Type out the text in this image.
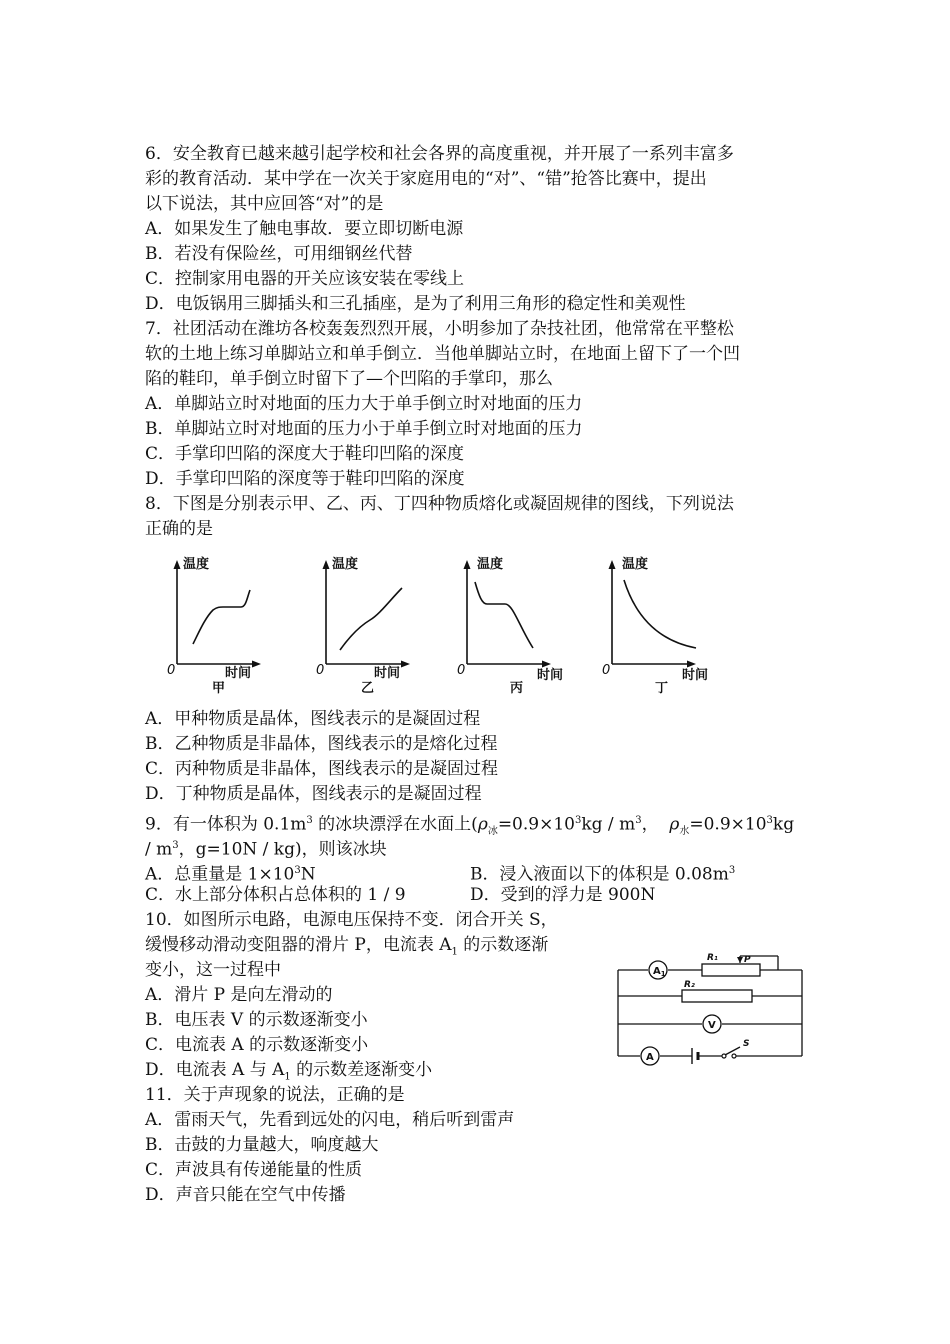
6．安全教育已越来越引起学校和社会各界的高度重视，并开展了一系列丰富多
彩的教育活动．某中学在一次关于家庭用电的“对”、“错”抢答比赛中，提出
以下说法，其中应回答“对”的是
A．如果发生了触电事故．要立即切断电源
B．若没有保险丝，可用细钢丝代替
C．控制家用电器的开关应该安装在零线上
D．电饭锅用三脚插头和三孔插座，是为了利用三角形的稳定性和美观性
7．社团活动在潍坊各校轰轰烈烈开展，小明参加了杂技社团，他常常在平整松
软的土地上练习单脚站立和单手倒立．当他单脚站立时，在地面上留下了一个凹
陷的鞋印，单手倒立时留下了—个凹陷的手掌印，那么
A．单脚站立时对地面的压力大于单手倒立时对地面的压力
B．单脚站立时对地面的压力小于单手倒立时对地面的压力
C．手掌印凹陷的深度大于鞋印凹陷的深度
D．手掌印凹陷的深度等于鞋印凹陷的深度
8．下图是分别表示甲、乙、丙、丁四种物质熔化或凝固规律的图线，下列说法
正确的是
温度
0	时间
甲
温度
0	时间
乙
温度
0	时间
丙
温度
0	时间
丁
A．甲种物质是晶体，图线表示的是凝固过程
B．乙种物质是非晶体，图线表示的是熔化过程
C．丙种物质是非晶体，图线表示的是凝固过程
D．丁种物质是晶体，图线表示的是凝固过程
9．有一体积为 $0.1m^3$ 的冰块漂浮在水面上($\rho_冰=0.9\times 10^3kg / m^3$， $\rho_水=0.9\times 10^3kg$
/ $m^3$，g=10N / kg)，则该冰块
A．总重量是 $1\times 10^3N$	B．浸入液面以下的体积是 $0.08m^3$
C．水上部分体积占总体积的 1 / 9	D．受到的浮力是 900N
10．如图所示电路，电源电压保持不变．闭合开关 S，
缓慢移动滑动变阻器的滑片 P，电流表 $A_1$ 的示数逐渐
变小，这一过程中
A．滑片 P 是向左滑动的
B．电压表 V 的示数逐渐变小
C．电流表 A 的示数逐渐变小
D．电流表 A 与 $A_1$ 的示数差逐渐变小
$A_1$
V
A
R₁	P
R₂
S
11．关于声现象的说法，正确的是
A．雷雨天气，先看到远处的闪电，稍后听到雷声
B．击鼓的力量越大，响度越大
C．声波具有传递能量的性质
D．声音只能在空气中传播
